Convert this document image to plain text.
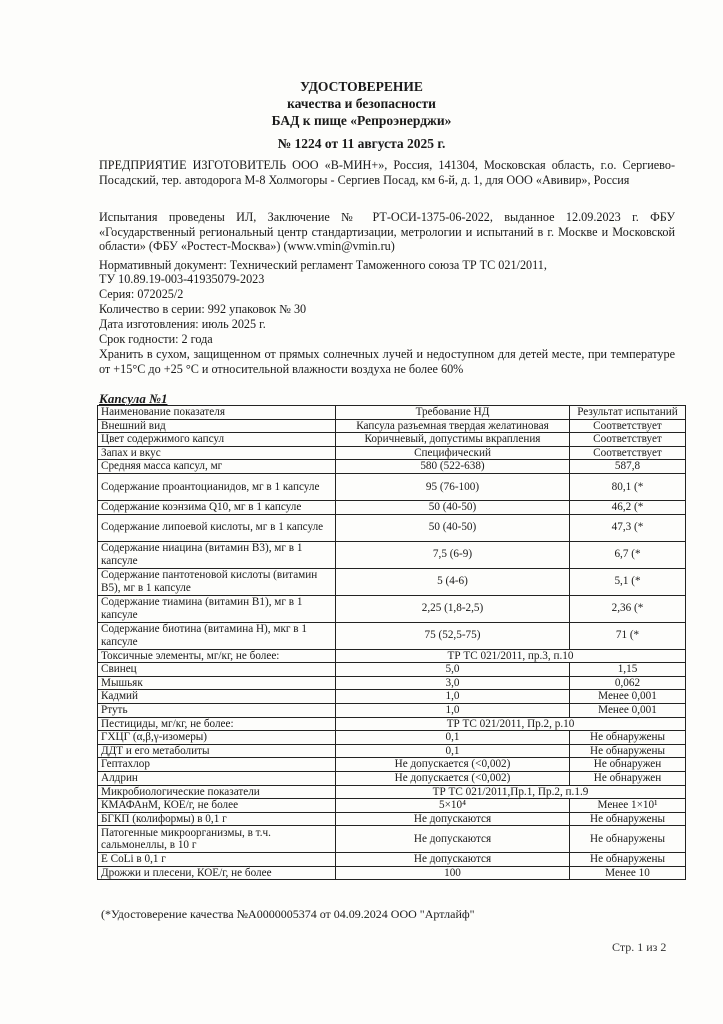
УДОСТОВЕРЕНИЕ
качества и безопасности
БАД к пище «Репроэнерджи»
№ 1224 от 11 августа 2025 г.
ПРЕДПРИЯТИЕ ИЗГОТОВИТЕЛЬ ООО «В-МИН+», Россия, 141304, Московская область, г.о. Сергиево-Посадский, тер. автодорога М-8 Холмогоры - Сергиев Посад, км 6-й, д. 1, для ООО «Авивир», Россия
Испытания проведены ИЛ, Заключение № РТ-ОСИ-1375-06-2022, выданное 12.09.2023 г. ФБУ «Государственный региональный центр стандартизации, метрологии и испытаний в г. Москве и Московской области» (ФБУ «Ростест-Москва») (www.vmin@vmin.ru)
Нормативный документ: Технический регламент Таможенного союза ТР ТС 021/2011,
ТУ 10.89.19-003-41935079-2023
Серия: 072025/2
Количество в серии: 992 упаковок № 30
Дата изготовления: июль 2025 г.
Срок годности: 2 года
Хранить в сухом, защищенном от прямых солнечных лучей и недоступном для детей месте, при температуре от +15°С до +25 °С и относительной влажности воздуха не более 60%
Капсула №1
Наименование показателя	Требование НД	Результат испытаний
Внешний вид	Капсула разъемная твердая желатиновая	Соответствует
Цвет содержимого капсул	Коричневый, допустимы вкрапления	Соответствует
Запах и вкус	Специфический	Соответствует
Средняя масса капсул, мг	580 (522-638)	587,8
Содержание проантоцианидов, мг в 1 капсуле	95 (76-100)	80,1 (*
Содержание коэнзима Q10, мг в 1 капсуле	50 (40-50)	46,2 (*
Содержание липоевой кислоты, мг в 1 капсуле	50 (40-50)	47,3 (*
Содержание ниацина (витамин B3), мг в 1 капсуле	7,5 (6-9)	6,7 (*
Содержание пантотеновой кислоты (витамин B5), мг в 1 капсуле	5 (4-6)	5,1 (*
Содержание тиамина (витамин B1), мг в 1 капсуле	2,25 (1,8-2,5)	2,36 (*
Содержание биотина (витамина H), мкг в 1 капсуле	75 (52,5-75)	71 (*
Токсичные элементы, мг/кг, не более:	ТР ТС 021/2011, пр.3, п.10	
Свинец	5,0	1,15
Мышьяк	3,0	0,062
Кадмий	1,0	Менее 0,001
Ртуть	1,0	Менее 0,001
Пестициды, мг/кг, не более:	ТР ТС 021/2011, Пр.2, р.10	
ГХЦГ (α,β,γ-изомеры)	0,1	Не обнаружены
ДДТ и его метаболиты	0,1	Не обнаружены
Гептахлор	Не допускается (<0,002)	Не обнаружен
Алдрин	Не допускается (<0,002)	Не обнаружен
Микробиологические показатели	ТР ТС 021/2011,Пр.1, Пр.2, п.1.9	
КМАФАнМ, КОЕ/г, не более	5×10⁴	Менее 1×10¹
БГКП (колиформы) в 0,1 г	Не допускаются	Не обнаружены
Патогенные микроорганизмы, в т.ч. сальмонеллы, в 10 г	Не допускаются	Не обнаружены
E CoLi в 0,1 г	Не допускаются	Не обнаружены
Дрожжи и плесени, КОЕ/г, не более	100	Менее 10
(*Удостоверение качества №A0000005374 от 04.09.2024 ООО "Артлайф"
Стр. 1 из 2
